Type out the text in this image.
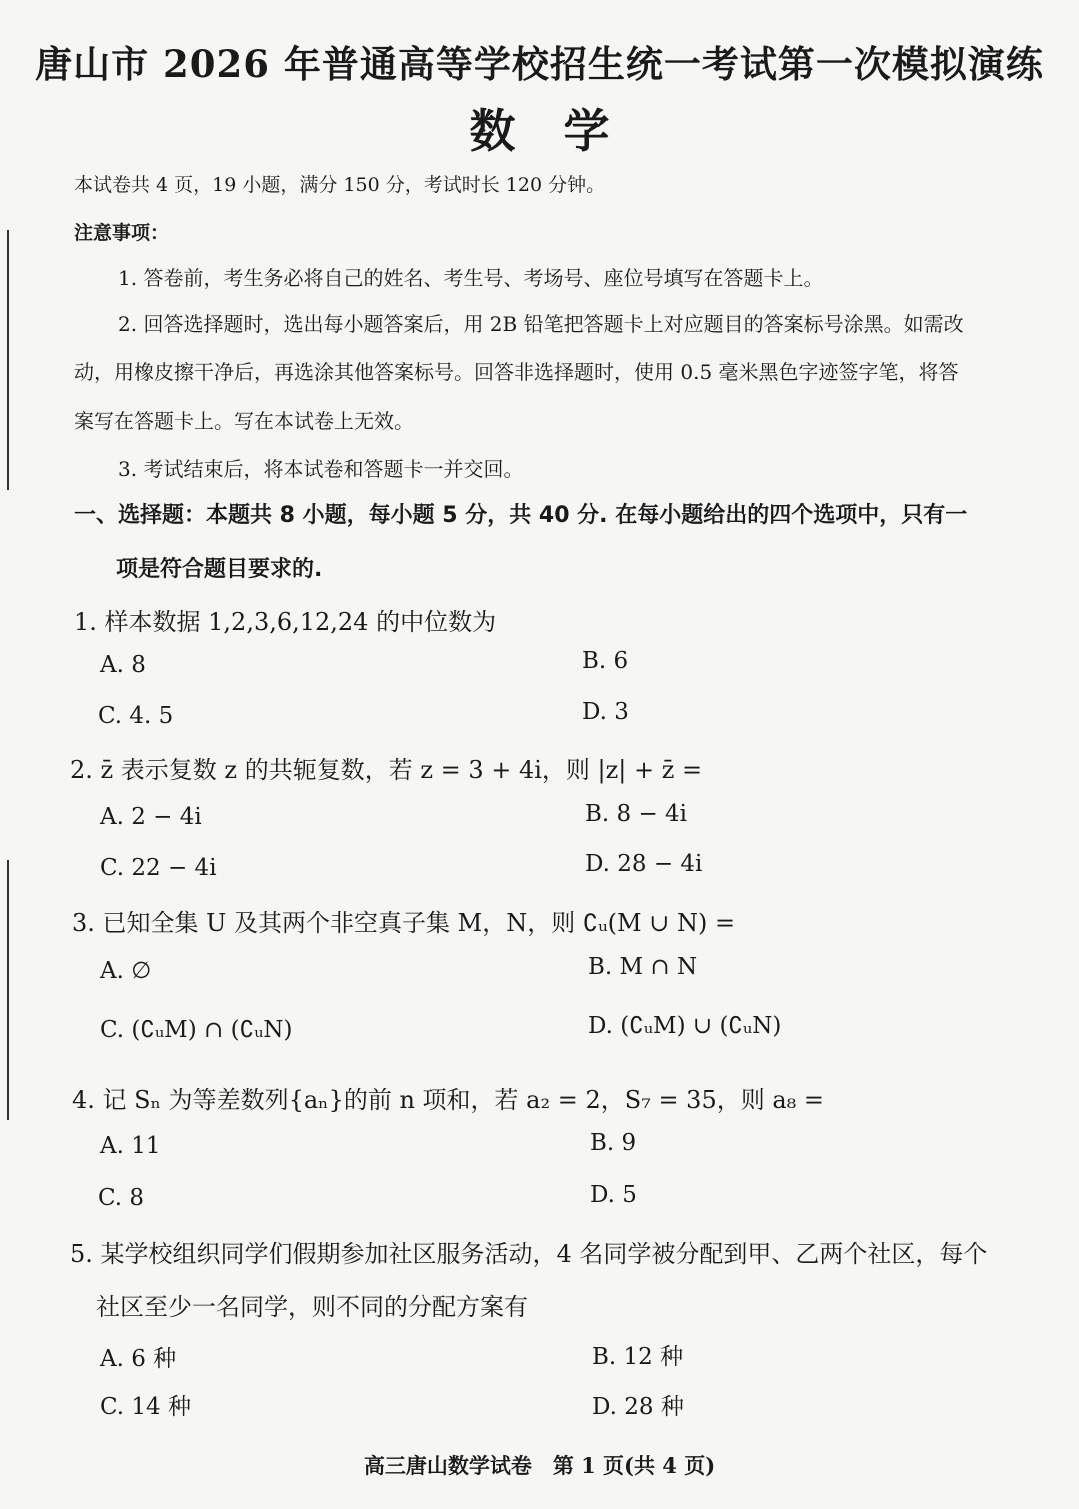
唐山市 2026 年普通高等学校招生统一考试第一次模拟演练
数 学
本试卷共 4 页，19 小题，满分 150 分，考试时长 120 分钟。
注意事项：
1. 答卷前，考生务必将自己的姓名、考生号、考场号、座位号填写在答题卡上。
2. 回答选择题时，选出每小题答案后，用 2B 铅笔把答题卡上对应题目的答案标号涂黑。如需改
动，用橡皮擦干净后，再选涂其他答案标号。回答非选择题时，使用 0.5 毫米黑色字迹签字笔，将答
案写在答题卡上。写在本试卷上无效。
3. 考试结束后，将本试卷和答题卡一并交回。
一、选择题：本题共 8 小题，每小题 5 分，共 40 分. 在每小题给出的四个选项中，只有一
项是符合题目要求的.
1. 样本数据 1,2,3,6,12,24 的中位数为
A. 8	B. 6
C. 4. 5	D. 3
2. z̄ 表示复数 z 的共轭复数，若 z = 3 + 4i，则 |z| + z̄ =
A. 2 − 4i	B. 8 − 4i
C. 22 − 4i	D. 28 − 4i
3. 已知全集 U 及其两个非空真子集 M，N，则 ∁ᵤ(M ∪ N) =
A. ∅	B. M ∩ N
C. (∁ᵤM) ∩ (∁ᵤN)	D. (∁ᵤM) ∪ (∁ᵤN)
4. 记 Sₙ 为等差数列{aₙ}的前 n 项和，若 a₂ = 2，S₇ = 35，则 a₈ =
A. 11	B. 9
C. 8	D. 5
5. 某学校组织同学们假期参加社区服务活动，4 名同学被分配到甲、乙两个社区，每个
社区至少一名同学，则不同的分配方案有
A. 6 种	B. 12 种
C. 14 种	D. 28 种
高三唐山数学试卷　第 1 页(共 4 页)
